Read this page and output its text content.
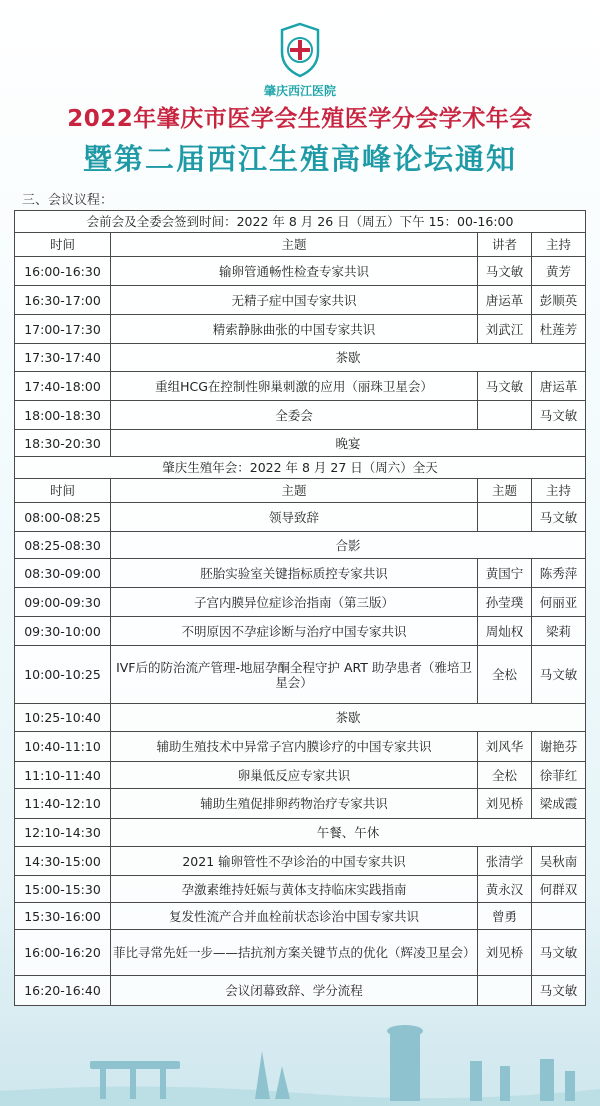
肇庆西江医院
2022年肇庆市医学会生殖医学分会学术年会
暨第二届西江生殖高峰论坛通知
三、会议议程：
会前会及全委会签到时间：2022 年 8 月 26 日（周五）下午 15：00-16:00			
时间	主题	讲者	主持
16:00-16:30	输卵管通畅性检查专家共识	马文敏	黄芳
16:30-17:00	无精子症中国专家共识	唐运革	彭顺英
17:00-17:30	精索静脉曲张的中国专家共识	刘武江	杜莲芳
17:30-17:40	茶歇		
17:40-18:00	重组HCG在控制性卵巢刺激的应用（丽珠卫星会）	马文敏	唐运革
18:00-18:30	全委会		马文敏
18:30-20:30	晚宴		
肇庆生殖年会：2022 年 8 月 27 日（周六）全天			
时间	主题	主题	主持
08:00-08:25	领导致辞		马文敏
08:25-08:30	合影		
08:30-09:00	胚胎实验室关键指标质控专家共识	黄国宁	陈秀萍
09:00-09:30	子宫内膜异位症诊治指南（第三版）	孙莹璞	何丽亚
09:30-10:00	不明原因不孕症诊断与治疗中国专家共识	周灿权	梁莉
10:00-10:25	IVF后的防治流产管理-地屈孕酮全程守护 ART 助孕患者（雅培卫星会）	全松	马文敏
10:25-10:40	茶歇		
10:40-11:10	辅助生殖技术中异常子宫内膜诊疗的中国专家共识	刘风华	谢艳芬
11:10-11:40	卵巢低反应专家共识	全松	徐菲红
11:40-12:10	辅助生殖促排卵药物治疗专家共识	刘见桥	梁成霞
12:10-14:30	午餐、午休		
14:30-15:00	2021 输卵管性不孕诊治的中国专家共识	张清学	吴秋南
15:00-15:30	孕激素维持妊娠与黄体支持临床实践指南	黄永汉	何群双
15:30-16:00	复发性流产合并血栓前状态诊治中国专家共识	曾勇	
16:00-16:20	菲比寻常先妊一步——拮抗剂方案关键节点的优化（辉凌卫星会）	刘见桥	马文敏
16:20-16:40	会议闭幕致辞、学分流程		马文敏
